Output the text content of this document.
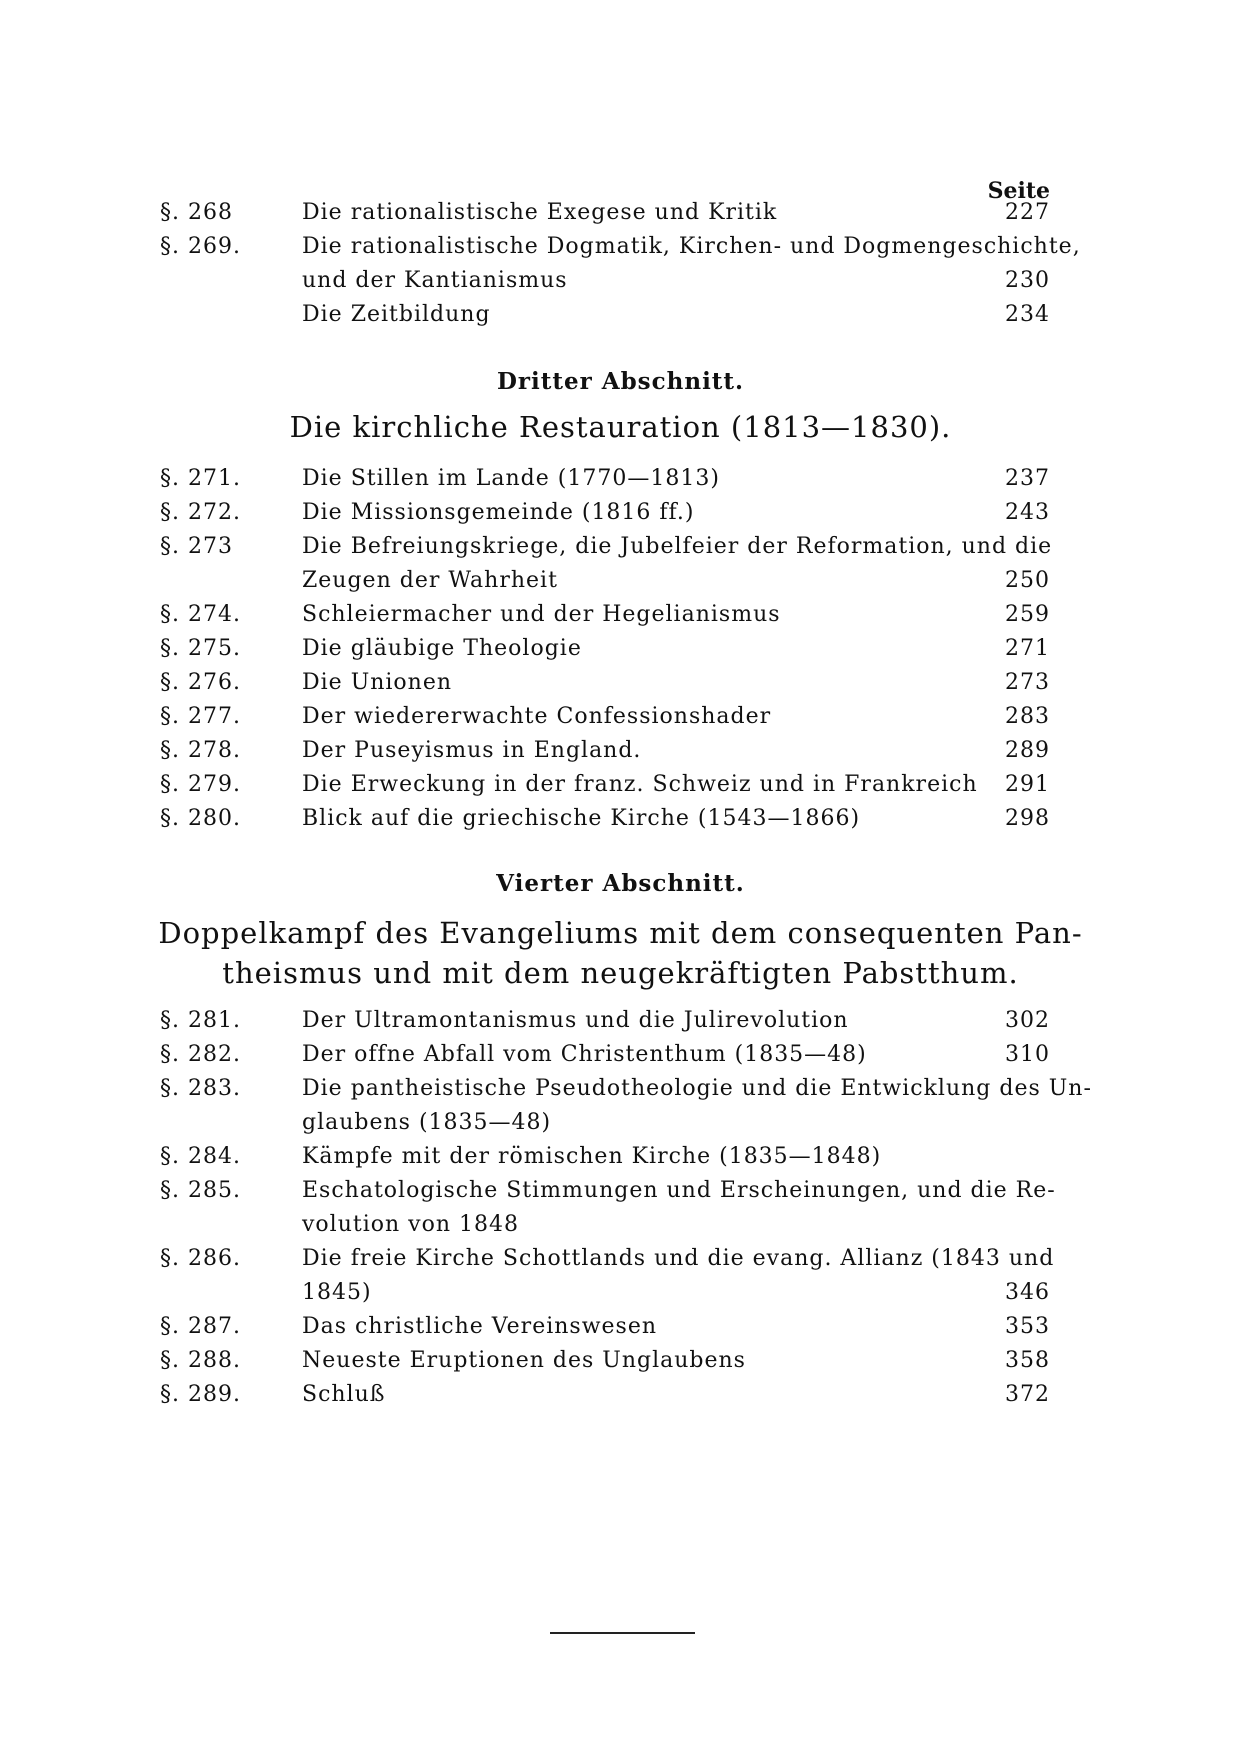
Seite
§. 268	Die rationalistische Exegese und Kritik	227
§. 269.	Die rationalistische Dogmatik, Kirchen- und Dogmengeschichte,
und der Kantianismus	230
Die Zeitbildung	234
Dritter Abschnitt.
Die kirchliche Restauration (1813—1830).
§. 271.	Die Stillen im Lande (1770—1813)	237
§. 272.	Die Missionsgemeinde (1816 ff.)	243
§. 273	Die Befreiungskriege, die Jubelfeier der Reformation, und die
Zeugen der Wahrheit	250
§. 274.	Schleiermacher und der Hegelianismus	259
§. 275.	Die gläubige Theologie	271
§. 276.	Die Unionen	273
§. 277.	Der wiedererwachte Confessionshader	283
§. 278.	Der Puseyismus in England.	289
§. 279.	Die Erweckung in der franz. Schweiz und in Frankreich	291
§. 280.	Blick auf die griechische Kirche (1543—1866)	298
Vierter Abschnitt.
Doppelkampf des Evangeliums mit dem consequenten Pan-
theismus und mit dem neugekräftigten Pabstthum.
§. 281.	Der Ultramontanismus und die Julirevolution	302
§. 282.	Der offne Abfall vom Christenthum (1835—48)	310
§. 283.	Die pantheistische Pseudotheologie und die Entwicklung des Un-
glaubens (1835—48)
§. 284.	Kämpfe mit der römischen Kirche (1835—1848)
§. 285.	Eschatologische Stimmungen und Erscheinungen, und die Re-
volution von 1848
§. 286.	Die freie Kirche Schottlands und die evang. Allianz (1843 und
1845)	346
§. 287.	Das christliche Vereinswesen	353
§. 288.	Neueste Eruptionen des Unglaubens	358
§. 289.	Schluß	372
